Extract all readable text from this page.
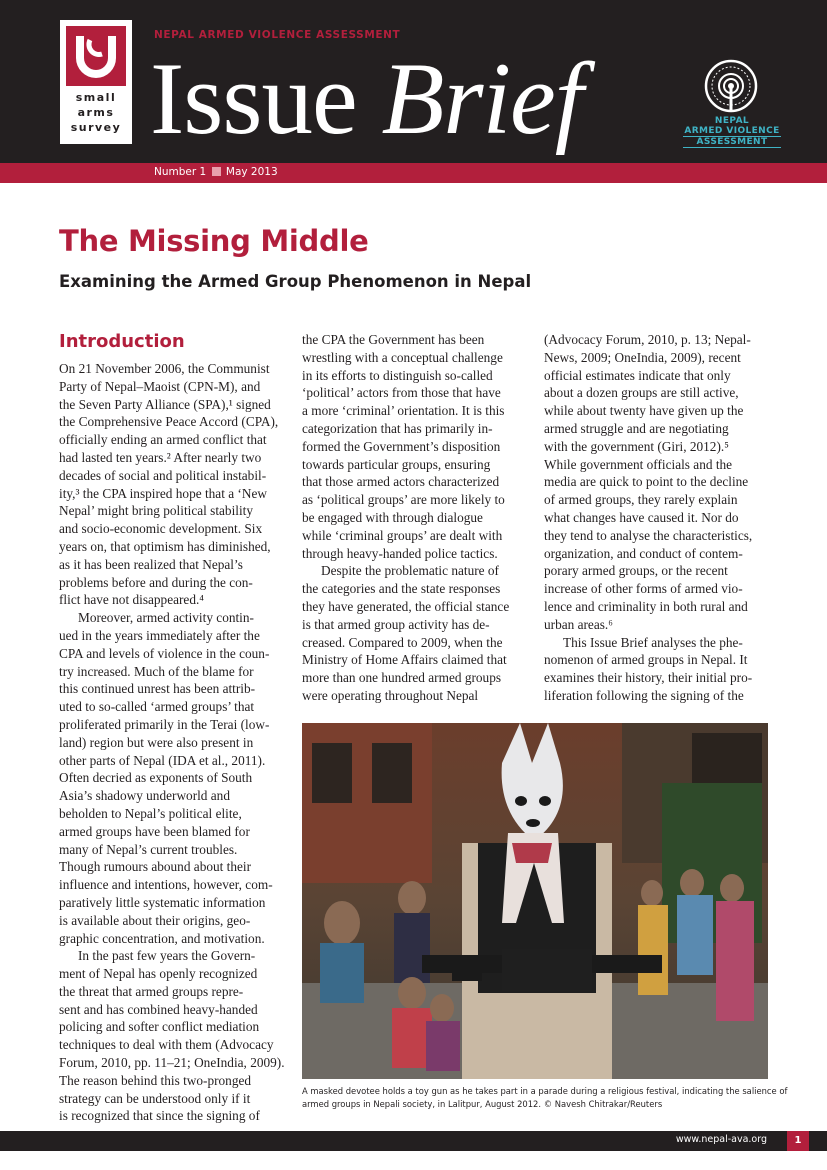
small
arms
survey
NEPAL ARMED VIOLENCE ASSESSMENT
Issue Brief	NEPAL
ARMED VIOLENCE
ASSESSMENT
Number 1 May 2013
The Missing Middle
Examining the Armed Group Phenomenon in Nepal
Introduction

On 21 November 2006, the Communist
Party of Nepal–Maoist (CPN-M), and
the Seven Party Alliance (SPA),¹ signed
the Comprehensive Peace Accord (CPA),
officially ending an armed conflict that
had lasted ten years.² After nearly two
decades of social and political instabil-
ity,³ the CPA inspired hope that a ‘New
Nepal’ might bring political stability
and socio-economic development. Six
years on, that optimism has diminished,
as it has been realized that Nepal’s
problems before and during the con-
flict have not disappeared.⁴

Moreover, armed activity contin-
ued in the years immediately after the
CPA and levels of violence in the coun-
try increased. Much of the blame for
this continued unrest has been attrib-
uted to so-called ‘armed groups’ that
proliferated primarily in the Terai (low-
land) region but were also present in
other parts of Nepal (IDA et al., 2011).
Often decried as exponents of South
Asia’s shadowy underworld and
beholden to Nepal’s political elite,
armed groups have been blamed for
many of Nepal’s current troubles.
Though rumours abound about their
influence and intentions, however, com-
paratively little systematic information
is available about their origins, geo-
graphic concentration, and motivation.

In the past few years the Govern-
ment of Nepal has openly recognized
the threat that armed groups repre-
sent and has combined heavy-handed
policing and softer conflict mediation
techniques to deal with them (Advocacy
Forum, 2010, pp. 11–21; OneIndia, 2009).
The reason behind this two-pronged
strategy can be understood only if it
is recognized that since the signing of

the CPA the Government has been
wrestling with a conceptual challenge
in its efforts to distinguish so-called
‘political’ actors from those that have
a more ‘criminal’ orientation. It is this
categorization that has primarily in-
formed the Government’s disposition
towards particular groups, ensuring
that those armed actors characterized
as ‘political groups’ are more likely to
be engaged with through dialogue
while ‘criminal groups’ are dealt with
through heavy-handed police tactics.

Despite the problematic nature of
the categories and the state responses
they have generated, the official stance
is that armed group activity has de-
creased. Compared to 2009, when the
Ministry of Home Affairs claimed that
more than one hundred armed groups
were operating throughout Nepal

(Advocacy Forum, 2010, p. 13; Nepal-
News, 2009; OneIndia, 2009), recent
official estimates indicate that only
about a dozen groups are still active,
while about twenty have given up the
armed struggle and are negotiating
with the government (Giri, 2012).⁵
While government officials and the
media are quick to point to the decline
of armed groups, they rarely explain
what changes have caused it. Nor do
they tend to analyse the characteristics,
organization, and conduct of contem-
porary armed groups, or the recent
increase of other forms of armed vio-
lence and criminality in both rural and
urban areas.⁶

This Issue Brief analyses the phe-
nomenon of armed groups in Nepal. It
examines their history, their initial pro-
liferation following the signing of the

A masked devotee holds a toy gun as he takes part in a parade during a religious festival, indicating the salience of
armed groups in Nepali society, in Lalitpur, August 2012. © Navesh Chitrakar/Reuters
www.nepal-ava.org	1
